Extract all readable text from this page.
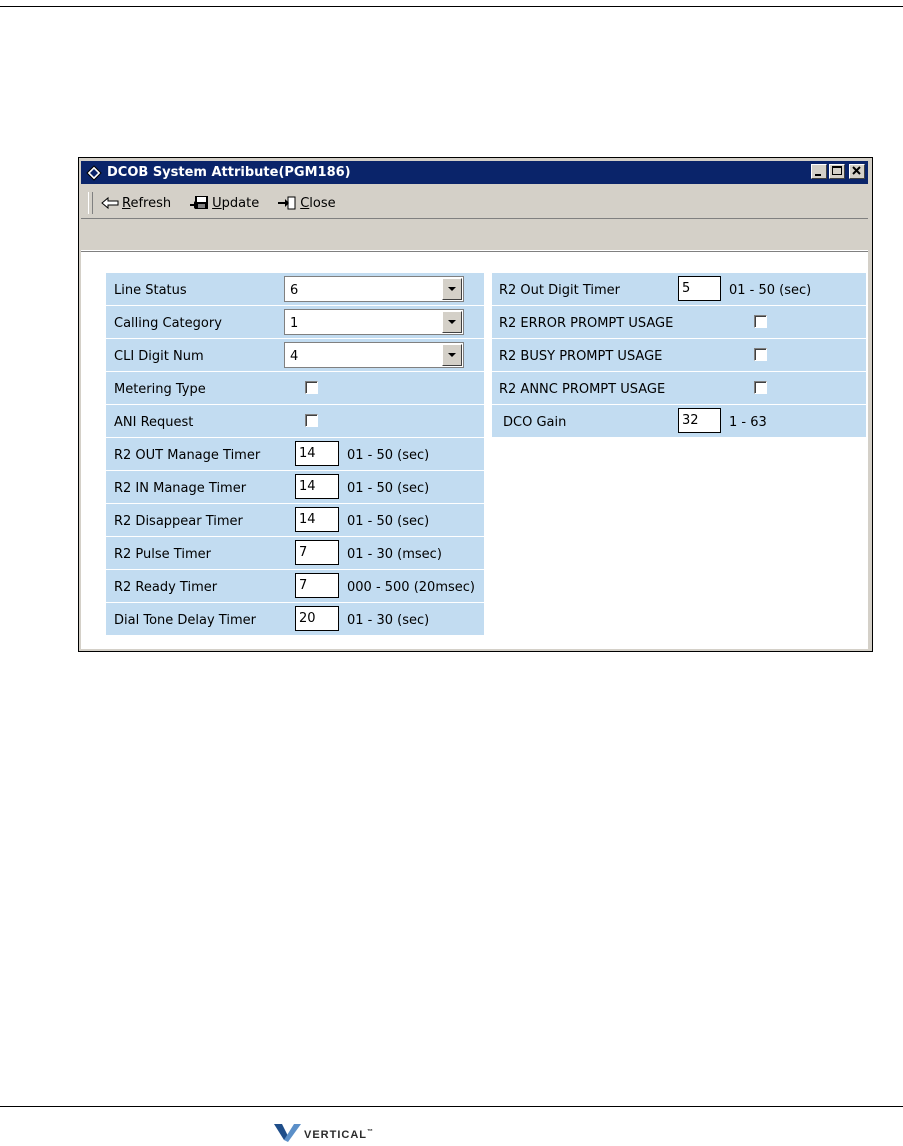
DCOB System Attribute(PGM186)
Refresh	Update	Close
Line Status	6
Calling Category	1
CLI Digit Num	4
Metering Type
ANI Request
R2 OUT Manage Timer	14 01 - 50 (sec)
R2 IN Manage Timer	14 01 - 50 (sec)
R2 Disappear Timer	14 01 - 50 (sec)
R2 Pulse Timer	7	01 - 30 (msec)
R2 Ready Timer	7	000 - 500 (20msec)
Dial Tone Delay Timer	20 01 - 30 (sec)
R2 Out Digit Timer	5	01 - 50 (sec)
R2 ERROR PROMPT USAGE
R2 BUSY PROMPT USAGE
R2 ANNC PROMPT USAGE
DCO Gain	32 1 - 63
VERTICAL™
